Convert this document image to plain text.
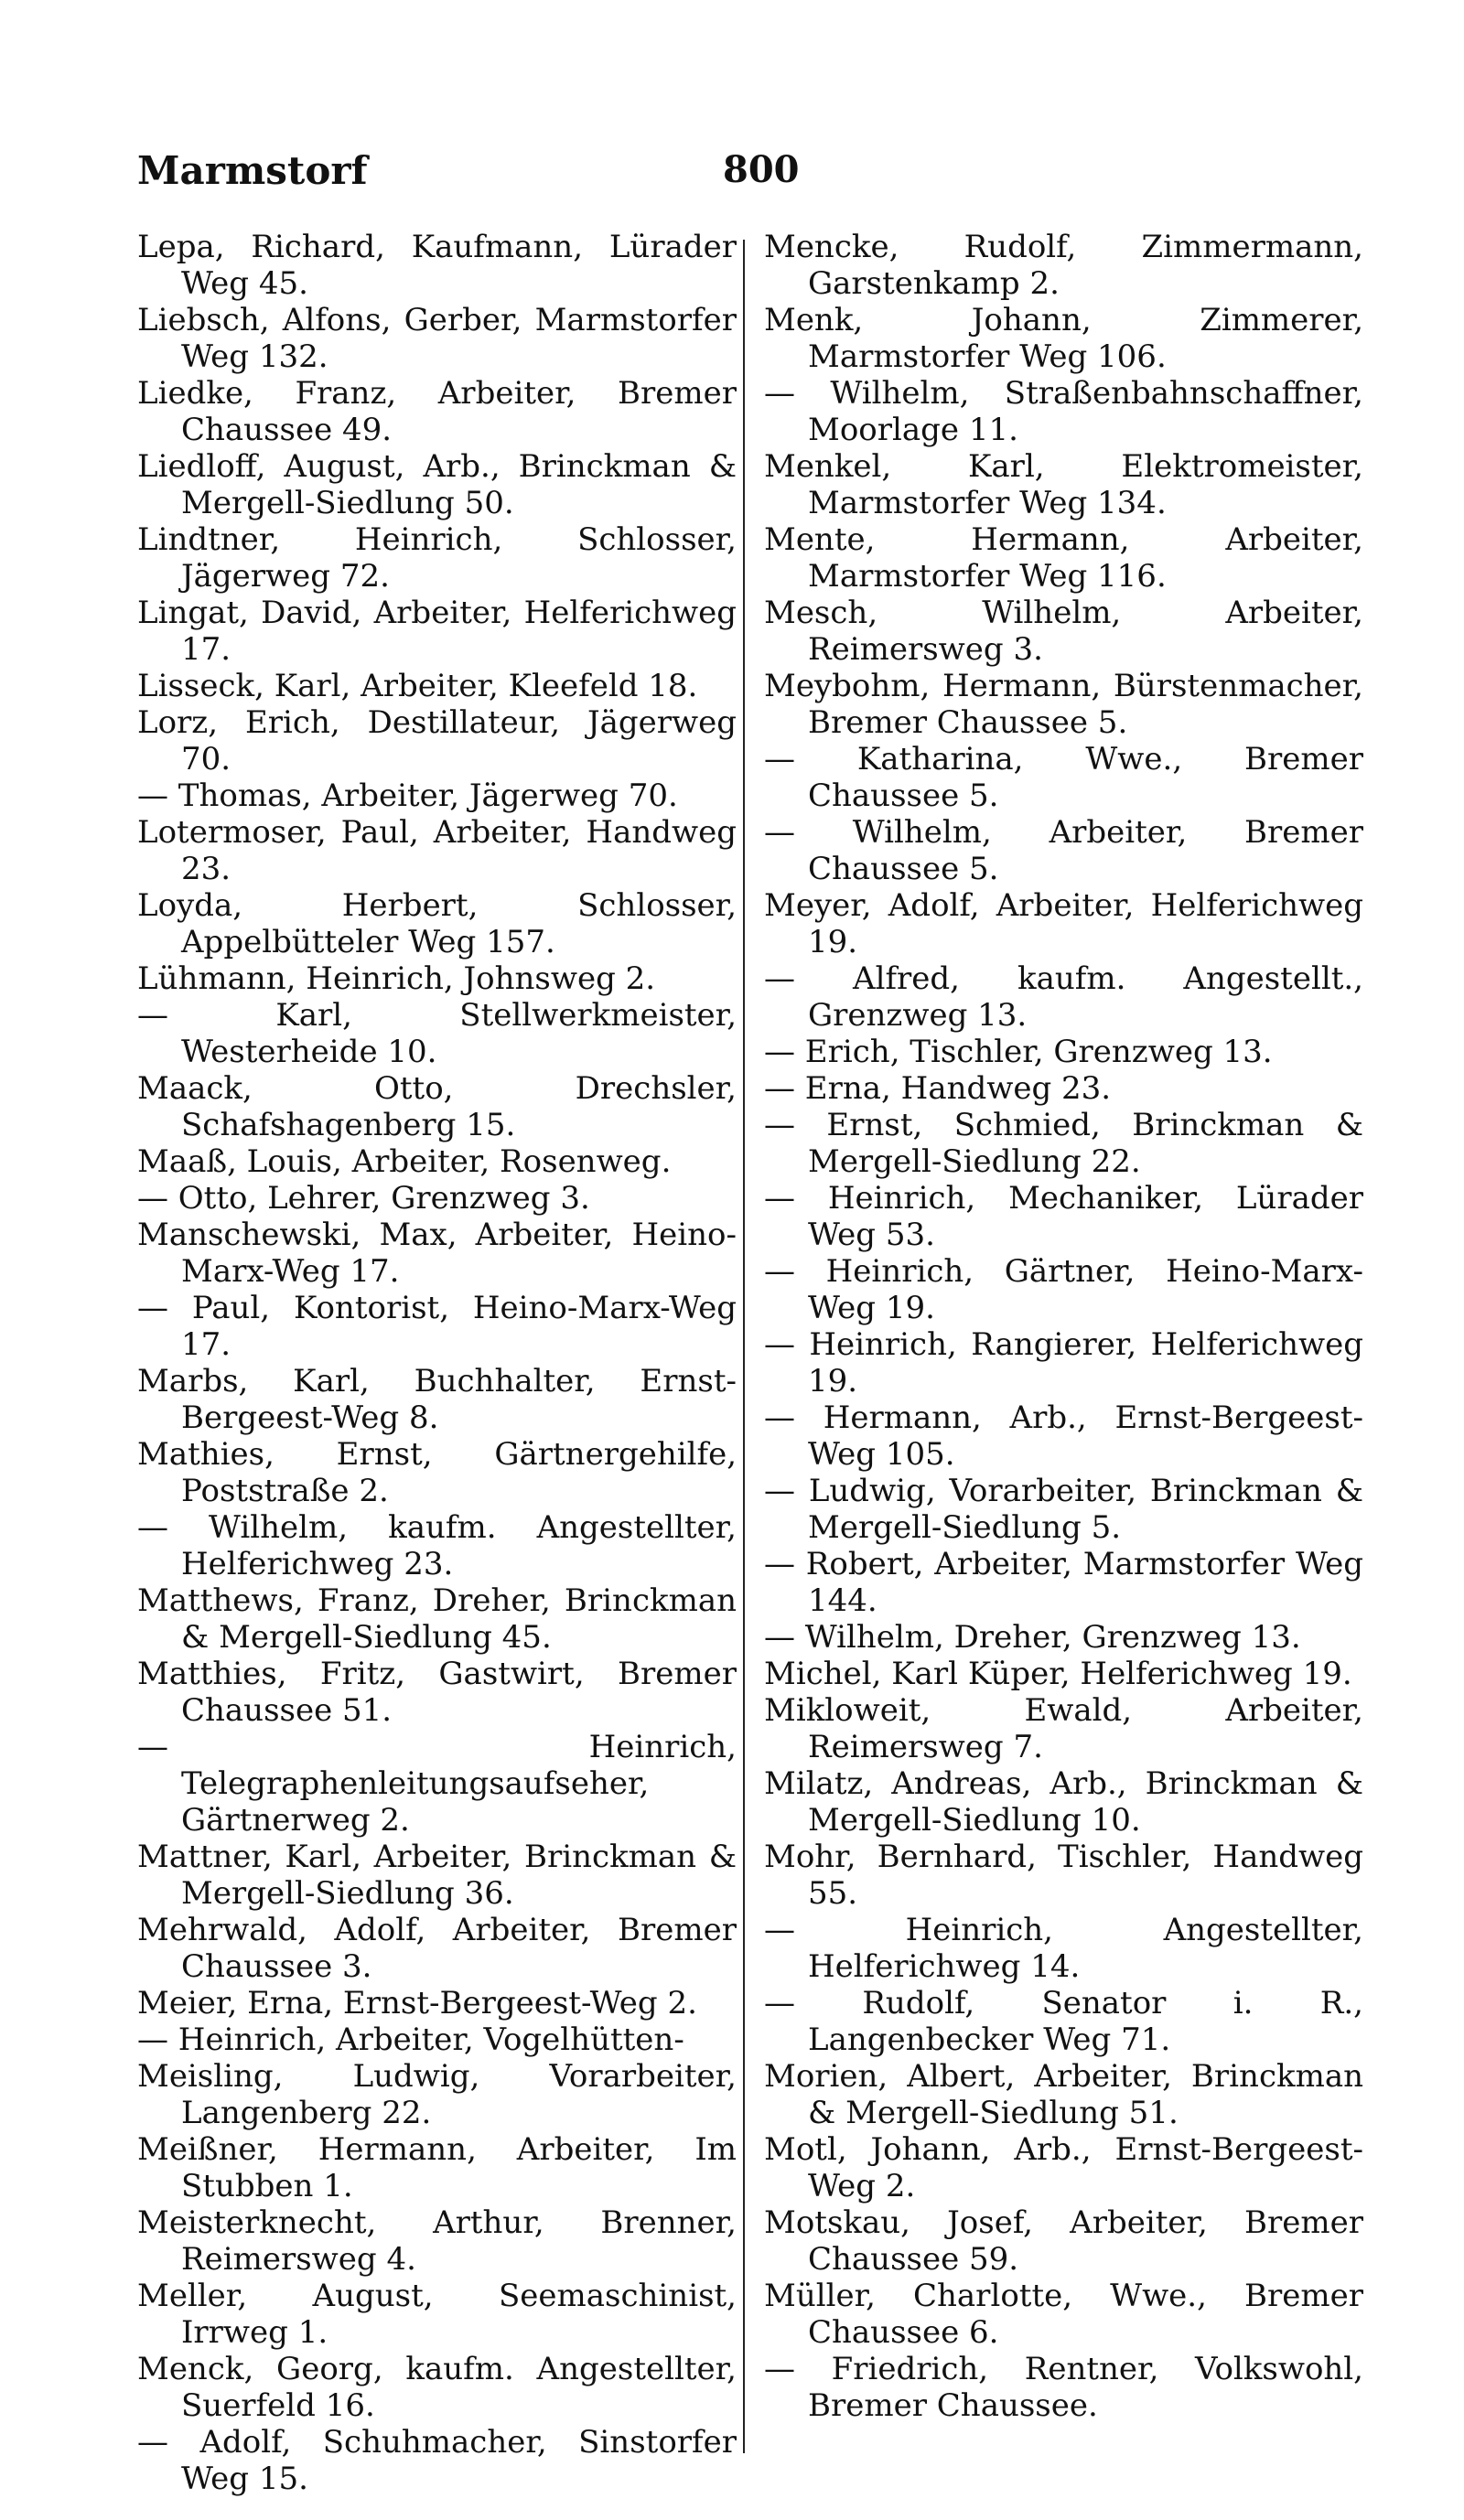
Marmstorf	800

Lepa, Richard, Kaufmann, Lürader Weg 45.

Liebsch, Alfons, Gerber, Marmstorfer Weg 132.

Liedke, Franz, Arbeiter, Bremer Chaussee 49.

Liedloff, August, Arb., Brinckman & Mergell-Siedlung 50.

Lindtner, Heinrich, Schlosser, Jägerweg 72.

Lingat, David, Arbeiter, Helferichweg 17.

Lisseck, Karl, Arbeiter, Kleefeld 18.

Lorz, Erich, Destillateur, Jägerweg 70.

— Thomas, Arbeiter, Jägerweg 70.

Lotermoser, Paul, Arbeiter, Handweg 23.

Loyda, Herbert, Schlosser, Appelbütteler Weg 157.

Lühmann, Heinrich, Johnsweg 2.

— Karl, Stellwerkmeister, Westerheide 10.

Maack, Otto, Drechsler, Schafshagenberg 15.

Maaß, Louis, Arbeiter, Rosenweg.

— Otto, Lehrer, Grenzweg 3.

Manschewski, Max, Arbeiter, Heino-Marx-Weg 17.

— Paul, Kontorist, Heino-Marx-Weg 17.

Marbs, Karl, Buchhalter, Ernst-Bergeest-Weg 8.

Mathies, Ernst, Gärtnergehilfe, Poststraße 2.

— Wilhelm, kaufm. Angestellter, Helferichweg 23.

Matthews, Franz, Dreher, Brinckman & Mergell-Siedlung 45.

Matthies, Fritz, Gastwirt, Bremer Chaussee 51.

— Heinrich, Telegraphenleitungsaufseher, Gärtnerweg 2.

Mattner, Karl, Arbeiter, Brinckman & Mergell-Siedlung 36.

Mehrwald, Adolf, Arbeiter, Bremer Chaussee 3.

Meier, Erna, Ernst-Bergeest-Weg 2.

— Heinrich, Arbeiter, Vogelhütten-

Meisling, Ludwig, Vorarbeiter, Langenberg 22.

Meißner, Hermann, Arbeiter, Im Stubben 1.

Meisterknecht, Arthur, Brenner, Reimersweg 4.

Meller, August, Seemaschinist, Irrweg 1.

Menck, Georg, kaufm. Angestellter, Suerfeld 16.

— Adolf, Schuhmacher, Sinstorfer Weg 15.

Mencke, Rudolf, Zimmermann, Garstenkamp 2.

Menk, Johann, Zimmerer, Marmstorfer Weg 106.

— Wilhelm, Straßenbahnschaffner, Moorlage 11.

Menkel, Karl, Elektromeister, Marmstorfer Weg 134.

Mente, Hermann, Arbeiter, Marmstorfer Weg 116.

Mesch, Wilhelm, Arbeiter, Reimersweg 3.

Meybohm, Hermann, Bürstenmacher, Bremer Chaussee 5.

— Katharina, Wwe., Bremer Chaussee 5.

— Wilhelm, Arbeiter, Bremer Chaussee 5.

Meyer, Adolf, Arbeiter, Helferichweg 19.

— Alfred, kaufm. Angestellt., Grenzweg 13.

— Erich, Tischler, Grenzweg 13.

— Erna, Handweg 23.

— Ernst, Schmied, Brinckman & Mergell-Siedlung 22.

— Heinrich, Mechaniker, Lürader Weg 53.

— Heinrich, Gärtner, Heino-Marx-Weg 19.

— Heinrich, Rangierer, Helferichweg 19.

— Hermann, Arb., Ernst-Bergeest-Weg 105.

— Ludwig, Vorarbeiter, Brinckman & Mergell-Siedlung 5.

— Robert, Arbeiter, Marmstorfer Weg 144.

— Wilhelm, Dreher, Grenzweg 13.

Michel, Karl Küper, Helferichweg 19.

Mikloweit, Ewald, Arbeiter, Reimersweg 7.

Milatz, Andreas, Arb., Brinckman & Mergell-Siedlung 10.

Mohr, Bernhard, Tischler, Handweg 55.

— Heinrich, Angestellter, Helferichweg 14.

— Rudolf, Senator i. R., Langenbecker Weg 71.

Morien, Albert, Arbeiter, Brinckman & Mergell-Siedlung 51.

Motl, Johann, Arb., Ernst-Bergeest-Weg 2.

Motskau, Josef, Arbeiter, Bremer Chaussee 59.

Müller, Charlotte, Wwe., Bremer Chaussee 6.

— Friedrich, Rentner, Volkswohl, Bremer Chaussee.
